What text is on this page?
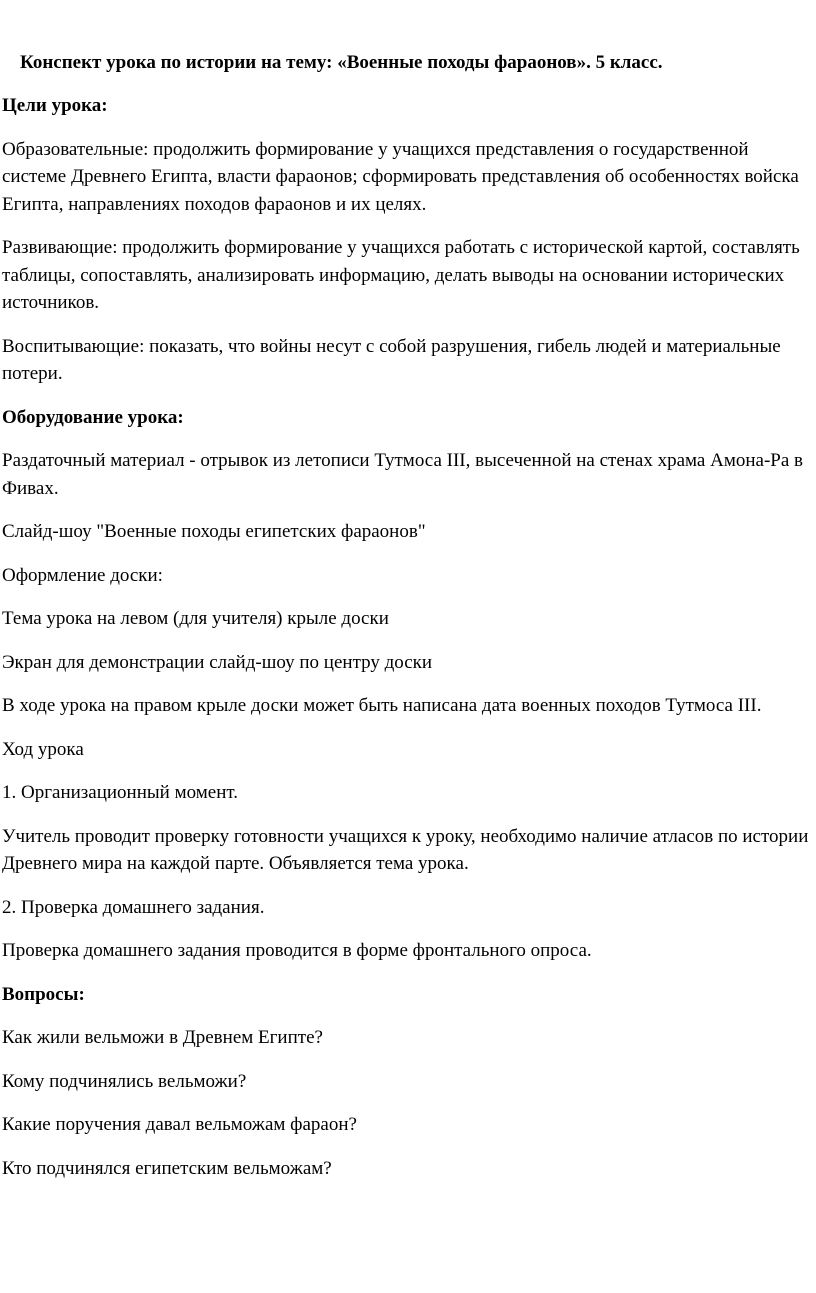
Конспект урока по истории на тему: «Военные походы фараонов». 5 класс.
Цели урока:
Образовательные: продолжить формирование у учащихся представления о государственной системе Древнего Египта, власти фараонов; сформировать представления об особенностях войска Египта, направлениях походов фараонов и их целях.
Развивающие: продолжить формирование у учащихся работать с исторической картой, составлять таблицы, сопоставлять, анализировать информацию, делать выводы на основании исторических источников.
Воспитывающие: показать, что войны несут с собой разрушения, гибель людей и материальные потери.
Оборудование урока:
Раздаточный материал - отрывок из летописи Тутмоса III, высеченной на стенах храма Амона-Ра в Фивах.
Слайд-шоу "Военные походы египетских фараонов"
Оформление доски:
Тема урока на левом (для учителя) крыле доски
Экран для демонстрации слайд-шоу по центру доски
В ходе урока на правом крыле доски может быть написана дата военных походов Тутмоса III.
Ход урока
1. Организационный момент.
Учитель проводит проверку готовности учащихся к уроку, необходимо наличие атласов по истории Древнего мира на каждой парте. Объявляется тема урока.
2. Проверка домашнего задания.
Проверка домашнего задания проводится в форме фронтального опроса.
Вопросы:
Как жили вельможи в Древнем Египте?
Кому подчинялись вельможи?
Какие поручения давал вельможам фараон?
Кто подчинялся египетским вельможам?
